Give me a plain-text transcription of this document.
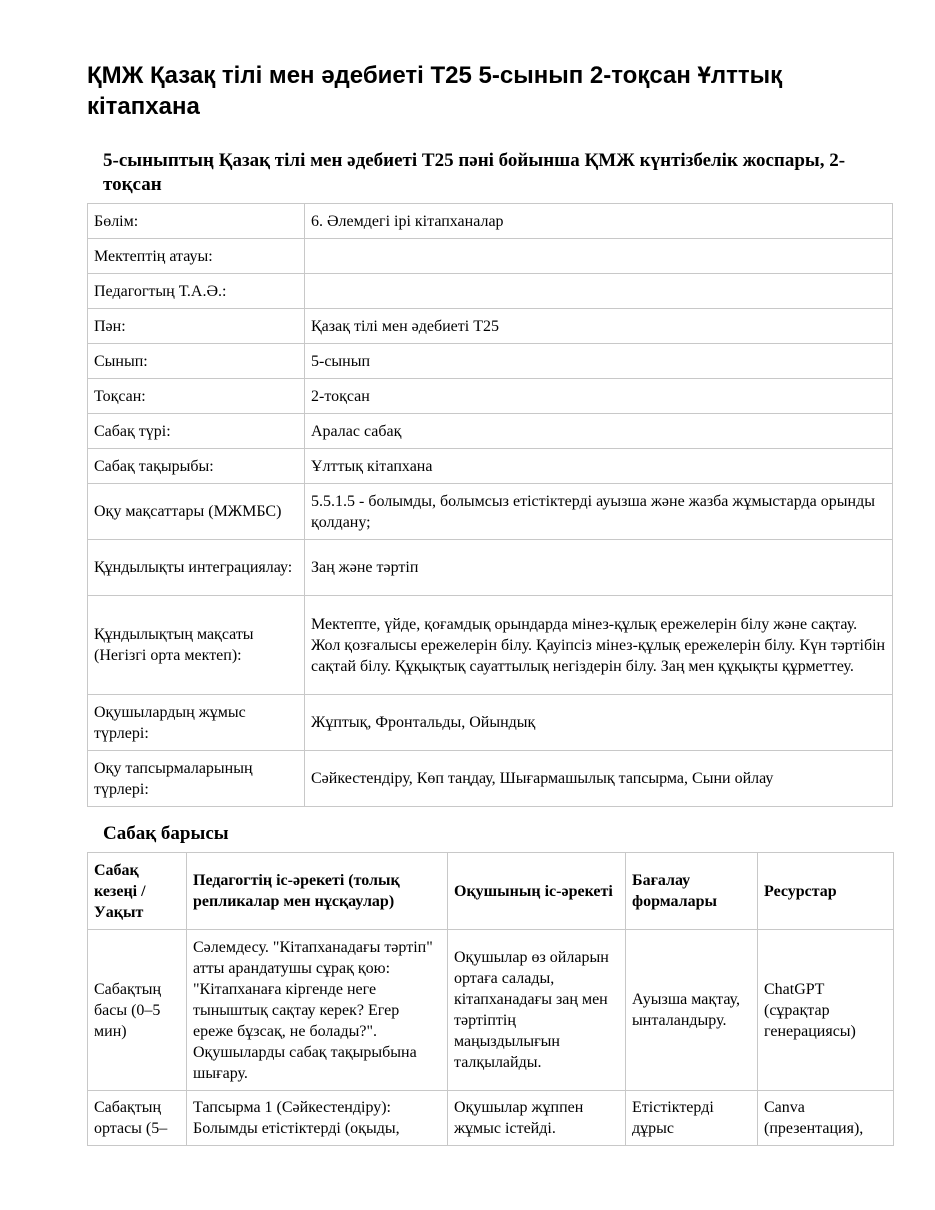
ҚМЖ Қазақ тілі мен әдебиеті Т25 5-сынып 2-тоқсан Ұлттық кітапхана
5-сыныптың Қазақ тілі мен әдебиеті Т25 пәні бойынша ҚМЖ күнтізбелік жоспары, 2-тоқсан
Бөлім:	6. Әлемдегі ірі кітапханалар
Мектептің атауы:	
Педагогтың Т.А.Ә.:	
Пән:	Қазақ тілі мен әдебиеті Т25
Сынып:	5-сынып
Тоқсан:	2-тоқсан
Сабақ түрі:	Аралас сабақ
Сабақ тақырыбы:	Ұлттық кітапхана
Оқу мақсаттары (МЖМБС)	5.5.1.5 - болымды, болымсыз етістіктерді ауызша және жазба жұмыстарда орынды қолдану;
Құндылықты интеграциялау:	Заң және тәртіп
Құндылықтың мақсаты (Негізгі орта мектеп):	Мектепте, үйде, қоғамдық орындарда мінез-құлық ережелерін білу және сақтау. Жол қозғалысы ережелерін білу. Қауіпсіз мінез-құлық ережелерін білу. Күн тәртібін сақтай білу. Құқықтық сауаттылық негіздерін білу. Заң мен құқықты құрметтеу.
Оқушылардың жұмыс түрлері:	Жұптық, Фронтальды, Ойындық
Оқу тапсырмаларының түрлері:	Сәйкестендіру, Көп таңдау, Шығармашылық тапсырма, Сыни ойлау
Сабақ барысы
Сабақ кезеңі / Уақыт	Педагогтің іс-әрекеті (толық репликалар мен нұсқаулар)	Оқушының іс-әрекеті	Бағалау формалары	Ресурстар
Сабақтың басы (0–5 мин)	Сәлемдесу. "Кітапханадағы тәртіп" атты арандатушы сұрақ қою: "Кітапханаға кіргенде неге тыныштық сақтау керек? Егер ереже бұзсақ, не болады?". Оқушыларды сабақ тақырыбына шығару.	Оқушылар өз ойларын ортаға салады, кітапханадағы заң мен тәртіптің маңыздылығын талқылайды.	Ауызша мақтау, ынталандыру.	ChatGPT (сұрақтар генерациясы)

Сабақтың ортасы (5–	Тапсырма 1 (Сәйкестендіру): Болымды етістіктерді (оқыды,	Оқушылар жұппен жұмыс істейді.	Етістіктерді дұрыс	Canva (презентация),
